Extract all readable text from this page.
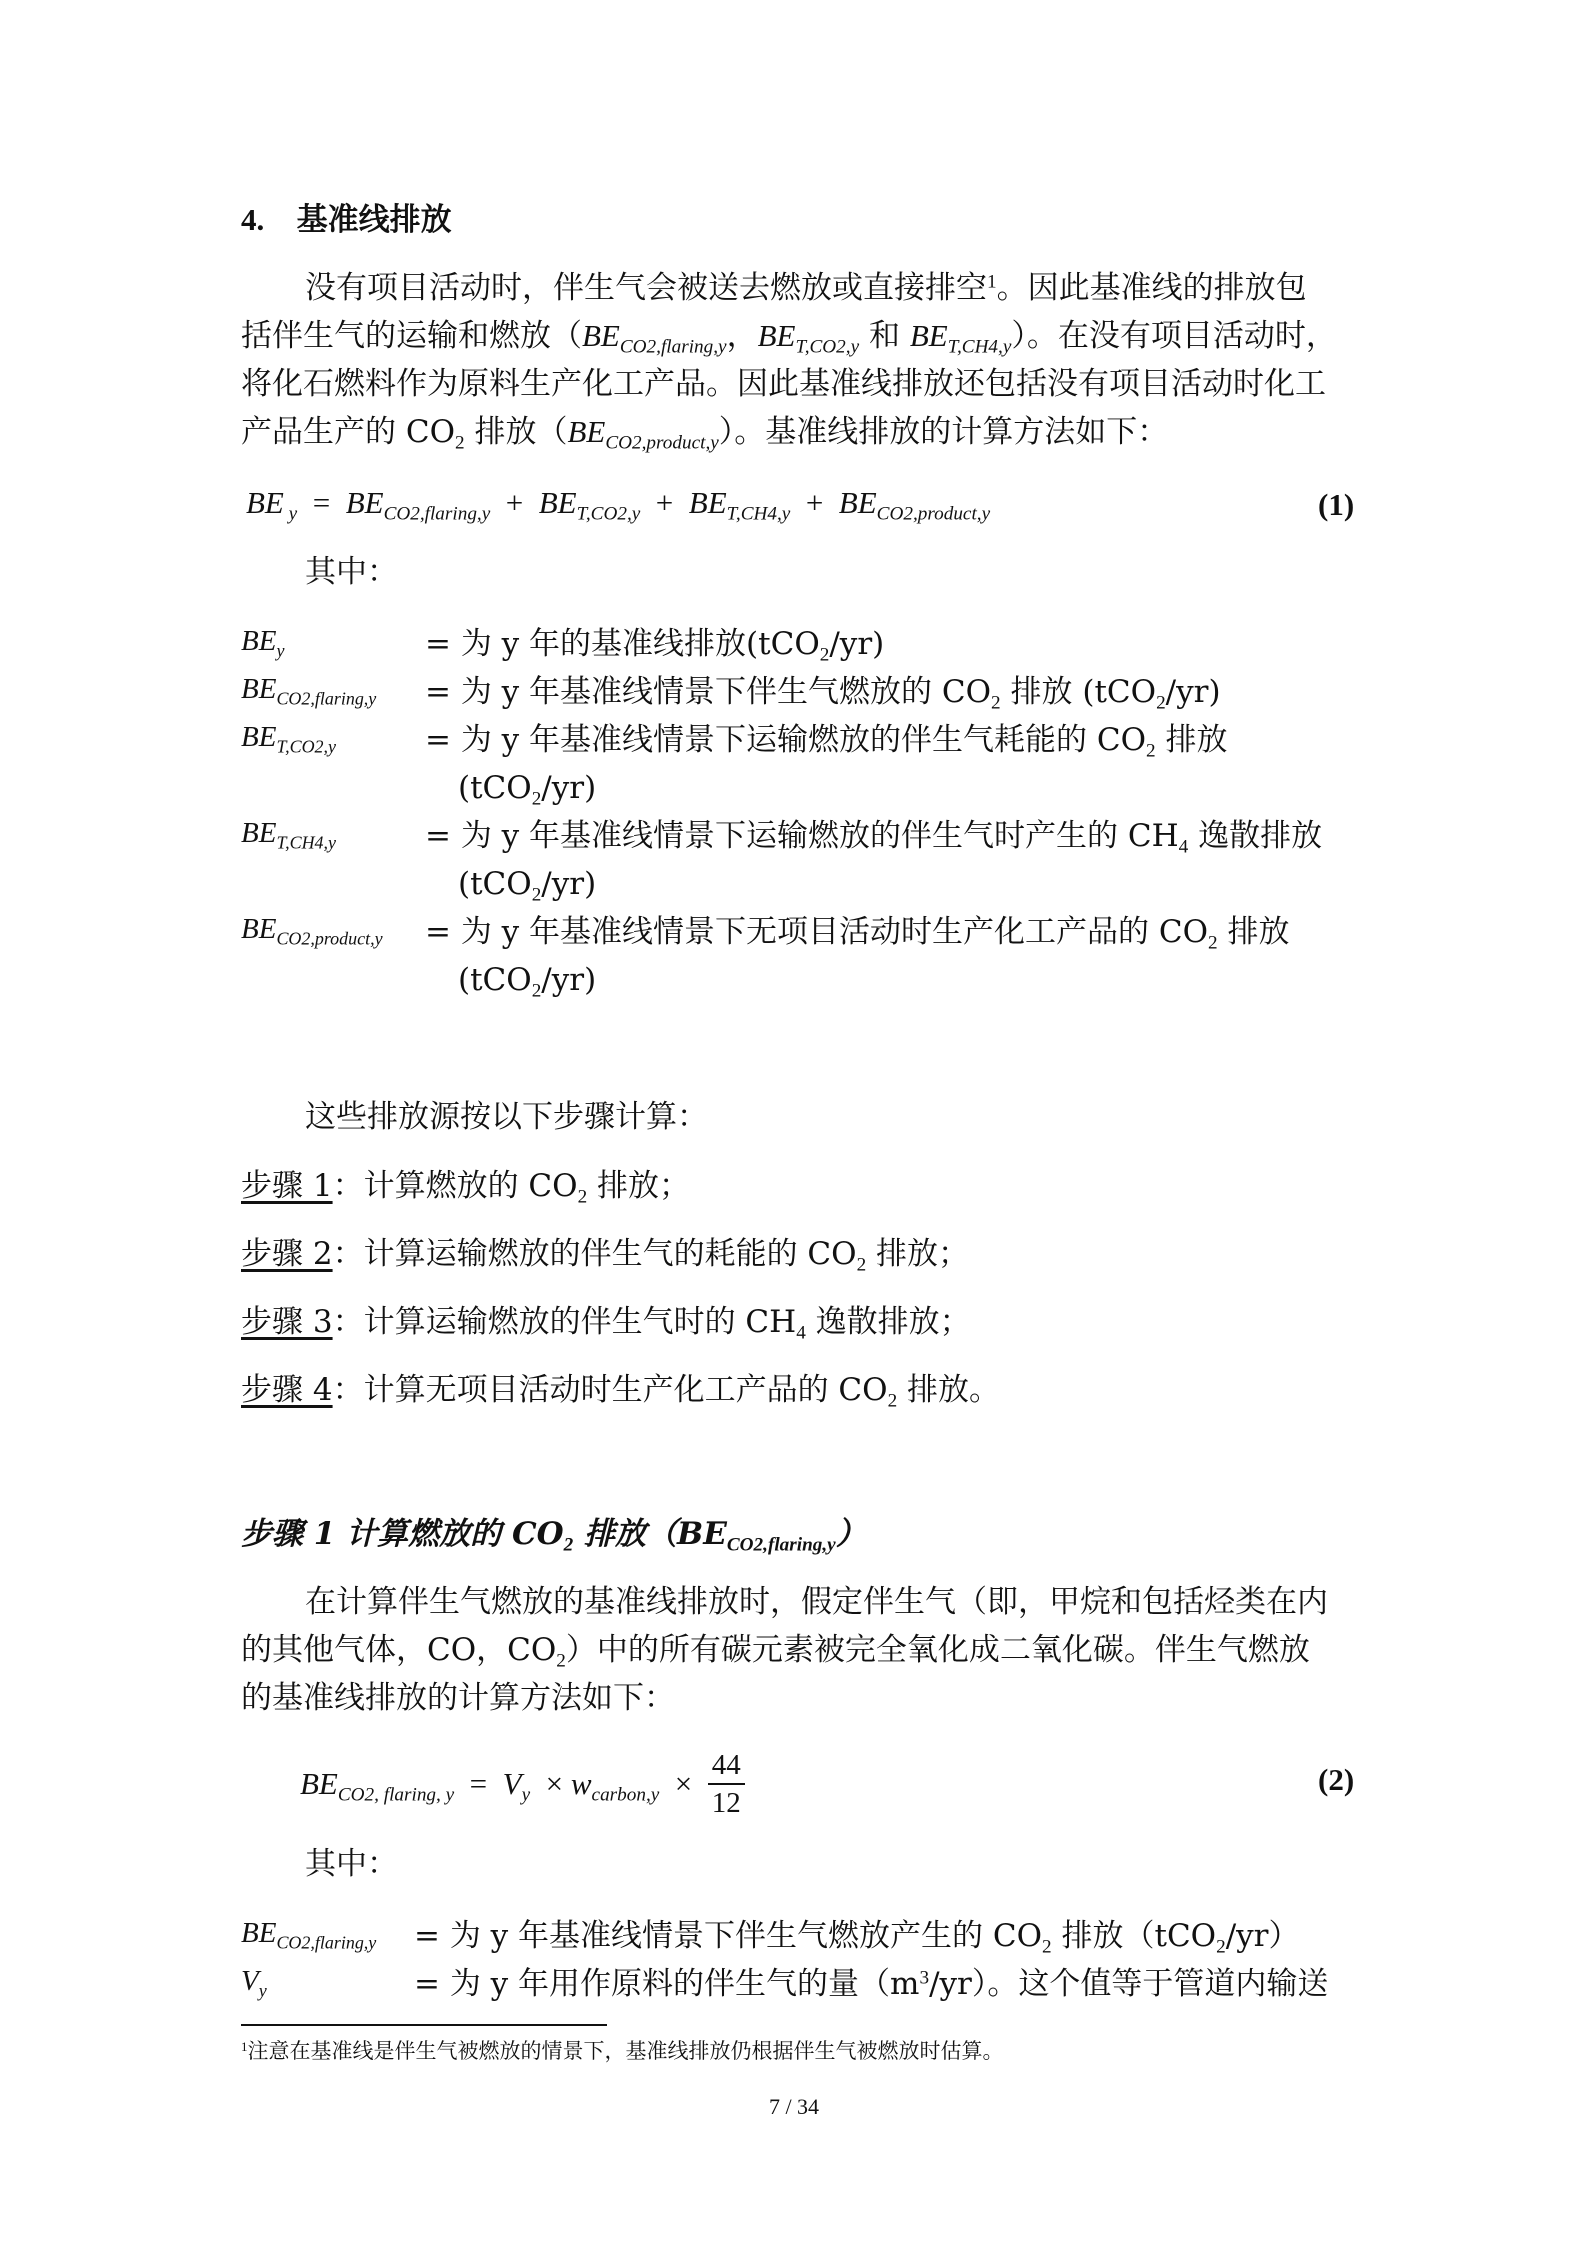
4. 基准线排放
没有项目活动时，伴生气会被送去燃放或直接排空$^1$。因此基准线的排放包
括伴生气的运输和燃放（$BE_{CO2,flaring,y}$，$BE_{T,CO2,y}$ 和 $BE_{T,CH4,y}$）。在没有项目活动时，
将化石燃料作为原料生产化工产品。因此基准线排放还包括没有项目活动时化工
产品生产的 $CO_2$ 排放$(BE_{CO2,product,y})$。基准线排放的计算方法如下：
BE $_y = BE_{CO2,flaring,y} + BE_{T,CO2,y} + BE_{T,CH4,y} + BE_{CO2,product,y}$	(1)
其中：
$BE_y$	= 为 y 年的基准线排放(tCO$_2$/yr)
$BE_{CO2,flaring,y}$ = 为 y 年基准线情景下伴生气燃放的 $CO_2$ 排放 (tCO$_2$/yr)
$BE_{T,CO2,y}$	= 为 y 年基准线情景下运输燃放的伴生气耗能的 $CO_2$ 排放
(tCO$_2$/yr)
$BE_{T,CH4,y}$	= 为 y 年基准线情景下运输燃放的伴生气时产生的 $CH_4$ 逸散排放
(tCO$_2$/yr)
$BE_{CO2,product,y}$ = 为 y 年基准线情景下无项目活动时生产化工产品的 $CO_2$ 排放
(tCO$_2$/yr)
这些排放源按以下步骤计算：
步骤 1：计算燃放的 $CO_2$ 排放；
步骤 2：计算运输燃放的伴生气的耗能的 $CO_2$ 排放；
步骤 3：计算运输燃放的伴生气时的 $CH_4$ 逸散排放；
步骤 4：计算无项目活动时生产化工产品的 $CO_2$ 排放。
步骤 1 计算燃放的 $CO_2$ 排放$(BE_{CO2,flaring,y})$
在计算伴生气燃放的基准线排放时，假定伴生气（即，甲烷和包括烃类在内
的其他气体，CO，$CO_2$）中的所有碳元素被完全氧化成二氧化碳。伴生气燃放
的基准线排放的计算方法如下：
$BE_{CO2, flaring, y} = V_y \times w_{carbon,y} \times \frac{44}{12}$	(2)
其中：
$BE_{CO2,flaring,y}$ = 为 y 年基准线情景下伴生气燃放产生的 $CO_2$ 排放（tCO$_2$/yr）
$V_y$	= 为 y 年用作原料的伴生气的量$(m^3/yr)$。这个值等于管道内输送
$^1$注意在基准线是伴生气被燃放的情景下，基准线排放仍根据伴生气被燃放时估算。
7 / 34
